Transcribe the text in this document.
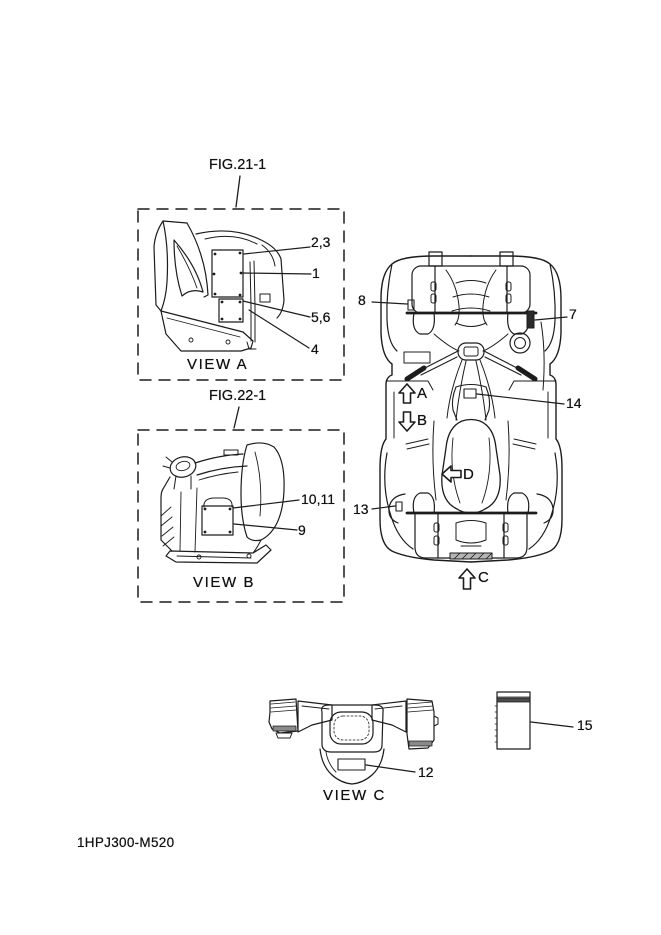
FIG.21-1
VIEW A
2,3
1
5,6
4
FIG.22-1
VIEW B
10,11
9
8
7
14
13
A
B
D
C
VIEW C
12
15
1HPJ300-M520
